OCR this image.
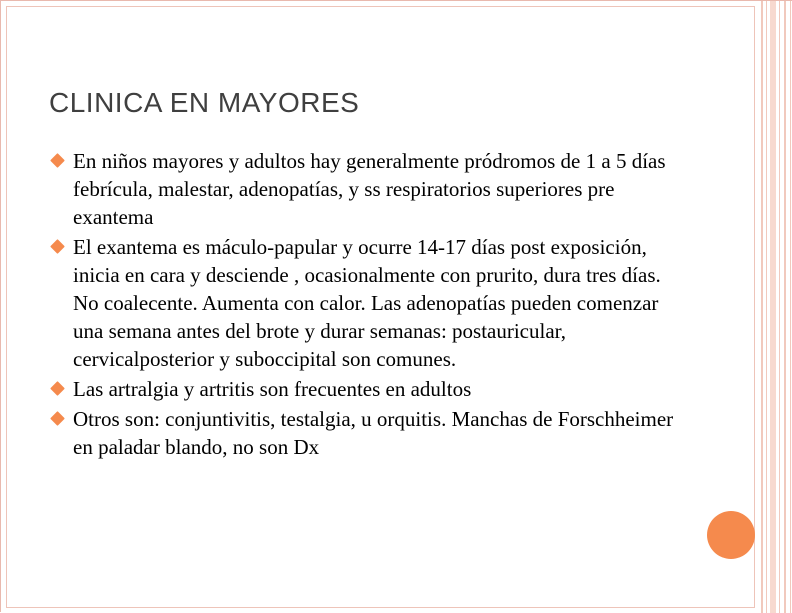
CLINICA EN MAYORES
En niños mayores y adultos hay generalmente pródromos de 1 a 5 días febrícula, malestar, adenopatías, y ss respiratorios superiores pre exantema
El exantema es máculo-papular y ocurre 14-17 días post exposición, inicia en cara y desciende , ocasionalmente con prurito, dura tres días. No coalecente. Aumenta con calor. Las adenopatías pueden comenzar una semana antes del brote y durar semanas: postauricular, cervicalposterior y suboccipital son comunes.
Las artralgia y artritis son frecuentes en adultos
Otros son: conjuntivitis, testalgia, u orquitis. Manchas de Forschheimer en paladar blando, no son Dx
